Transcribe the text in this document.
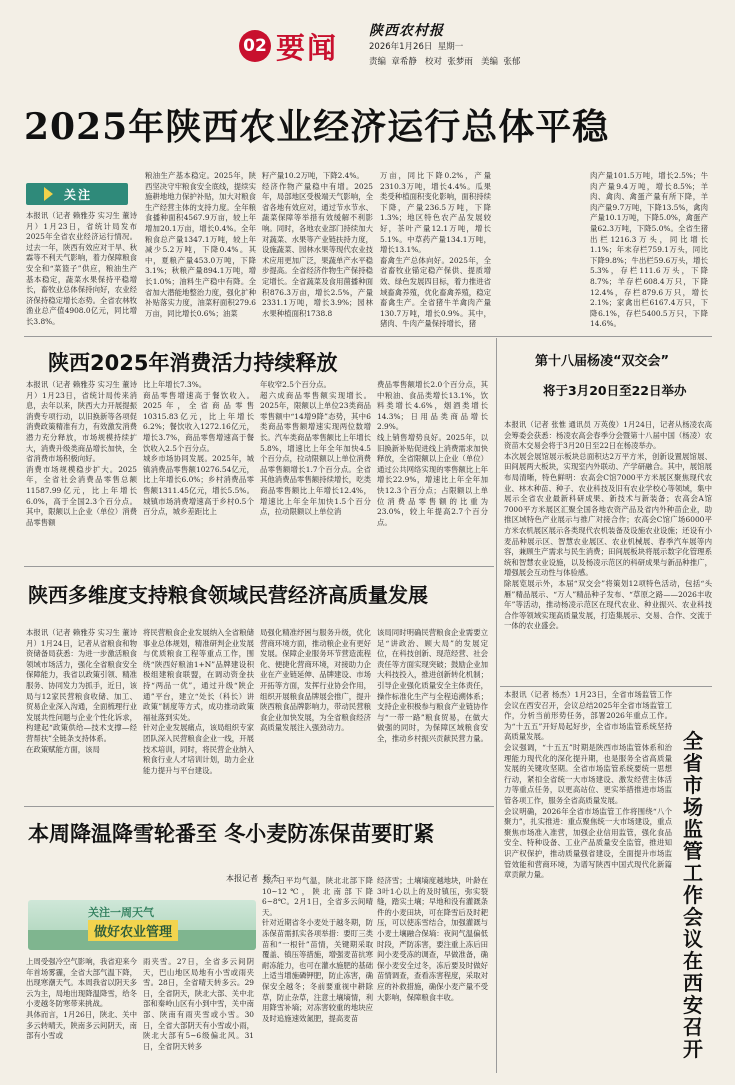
02 要闻 陕西农村报
2026年1月26日  星期一
责编  章希静   校对  张梦雨   美编  张郁
2025年陕西农业经济运行总体平稳
关注
本报讯（记者 赖雅芬 实习生 董诗月）1月23日，省统计局发布2025年全省农业经济运行情况。过去一年，陕西有效应对干旱、秋霖等不利天气影响，着力保障粮食安全和“菜篮子”供应，粮油生产基本稳定，蔬菜水果保持平稳增长，畜牧业总体保持向好，农业经济保持稳定增长态势。全省农林牧渔业总产值4908.0亿元，同比增长3.8%。
粮油生产基本稳定。2025年，陕西坚决守牢粮食安全底线，提续实施耕地地力保护补贴，加大对粮食生产经营主体的支持力度。全年粮食播种面积4567.9万亩，较上年增加20.1万亩，增长0.4%。全年粮食总产量1347.1万吨，较上年减少5.2万吨，下降0.4%。其中，夏粮产量453.0万吨，下降3.1%；秋粮产量894.1万吨，增长1.0%；油料生产稳中有降。全省加大潜能地整治力度，强化扩种补贴落实力度，油菜籽面积279.6万亩，同比增长0.6%；油菜
籽产量10.2万吨，下降2.4%。
经济作物产量稳中有增。2025年，局部地区受极端天气影响，全省各地有效应对，通过节水节水、蔬菜保障等举措有效缓解不利影响。同时，各地农业部门持续加大对蔬菜、水果等产业链扶持力度，设施蔬菜、园林水果等现代农业技术应用更加广泛，果蔬单产水平稳步提高。全省经济作物生产保持稳定增长。全省蔬菜及食用菌播种面积876.3万亩，增长2.5%，产量2331.1万吨，增长3.9%；园林水果种植面积1738.8
万亩，同比下降0.2%，产量2310.3万吨，增长4.4%。瓜果类受种植面积变化影响，面积持续下降，产量236.5万吨，下降1.3%；地区特色农产品发展较好，茶叶产量12.1万吨，增长5.1%。中草药产量134.1万吨，增长13.1%。
畜禽生产总体向好。2025年，全省畜牧业锚定稳产保供、提质增效、绿色发展四目标，着力推进省域畜禽养殖，优化畜禽养殖，稳定畜禽生产。全省猪牛羊禽肉产量130.7万吨，增长0.9%。其中，猪肉、牛肉产量保持增长，猪
肉产量101.5万吨，增长2.5%；牛肉产量9.4万吨，增长8.5%；羊肉、禽肉、禽蛋产量有所下降，羊肉产量9.7万吨，下降13.5%，禽肉产量10.1万吨，下降5.0%，禽蛋产量62.3万吨，下降5.0%。全省生猪出栏1216.3万头，同比增长1.1%；年末存栏759.1万头，同比下降9.8%；牛出栏59.6万头，增长5.3%，存栏111.6万头，下降8.7%；羊存栏608.4万只，下降12.4%，存栏879.6万只，增长2.1%；家禽出栏6167.4万只，下降6.1%，存栏5400.5万只，下降14.6%。
陕西2025年消费活力持续释放
本报讯（记者 赖雅芬 实习生 董诗月）1月23日，省统计局传来消息，去年以来，陕西大力开展提振消费专项行动，以旧换新等各项促消费政策精准有力，有效激发消费潜力充分释放，市场规模持续扩大，消费升级类商品增长加快，全省消费市场积极向好。
消费市场规模稳步扩大。2025年，全省社会消费品零售总额11587.99亿元，比上年增长6.0%，高于全国2.3个百分点。其中，限额以上企业（单位）消费品零售额
比上年增长7.3%。
商品零售增速高于餐饮收入。2025年，全省商品零售10315.83亿元，比上年增长6.2%；餐饮收入1272.16亿元，增长3.7%，商品零售增速高于餐饮收入2.5个百分点。
城乡市场协同发展。2025年，城镇消费品零售额10276.54亿元，比上年增长6.0%；乡村消费品零售额1311.45亿元，增长5.5%。城镇市场消费增速高于乡村0.5个百分点，城乡差距比上
年收窄2.5个百分点。
超六成商品零售额实现增长。2025年，限额以上单位23类商品零售额中“14增9降”态势，其中6类商品零售额增速实现两位数增长。汽车类商品零售额比上年增长5.8%，增速比上年全年加快4.5个百分点，拉动限额以上单位消费品零售额增长1.7个百分点。全省其他消费品零售额持续增长，吃类商品零售额比上年增长12.4%，增速比上年全年加快1.5个百分点，拉动限额以上单位消
费品零售额增长2.0个百分点，其中粮油、食品类增长13.1%，饮料类增长4.6%，烟酒类增长14.3%；日用品类商品增长2.9%。
线上销售增势良好。2025年，以旧换新补贴促进线上消费需求加快释放，全省限额以上企业（单位）通过公共网络实现的零售额比上年增长22.9%，增速比上年全年加快12.3个百分点；占限额以上单位消费品零售额的比重为23.0%，较上年提高2.7个百分点。
陕西多维度支持粮食领域民营经济高质量发展
本报讯（记者 赖雅芬 实习生 董诗月）1月24日，记者从省粮食和物资储备局获悉：为进一步激活粮食领域市场活力，强化全省粮食安全保障能力，我省以政策引领、精准服务、协同发力为抓手，近日，该局与12家民营粮食收储、加工、贸易企业深入沟通，全面梳理行业发展共性问题与企业个性化诉求，构建起“政策供给—技术支撑—经营帮扶”全链条支持体系。
在政策赋能方面，该局
将民营粮食企业发展纳入全省粮储事业总体规划，精准研判企业发展与优质粮食工程等重点工作，围绕“陕西好粮油1+N”品牌建设积极组建粮食联盟，在调动资金扶持“两品一优”，通过升级“陕企通”平台，建立“处长（科长）讲政策”制度等方式，成功推动政策福祉落到实处。
针对企业发展痛点，该局组织专家团队深入民营粮食企业一线，开展技术培训，同时，将民营企业纳入粮食行业人才培训计划，助力企业能力提升与平台建设。
局强化精准纾困与服务升级，优化营商环境方面，推动粮企业有更好发展。保障企业服务环节营造流程化、便捷化营商环境，对接助力企业在产业链延伸、品牌建设、市场开拓等方面，发挥行业协会作用，组织开展粮食品牌展会推广，提升陕西粮食品牌影响力，带动民营粮食企业加快发展，为全省粮食经济高质量发展注入强劲动力。
该局同时明确民营粮食企业需要立足“讲政治、顾大局”的发展定位，在科技创新、现范经营、社会责任等方面实现突破；鼓励企业加大科技投入，推进创新转化机制；引导企业强化质量安全主体责任，操作标准化生产与全程追溯体系；支持企业积极参与粮食产业链协作与“一带一路”粮食贸易，在做大做强的同时，为保障区域粮食安全，推动乡村振兴贡献民营力量。
本周降温降雪轮番至 冬小麦防冻保苗要盯紧
本报记者  杨杰
关注一周天气
做好农业管理
上周受强冷空气影响，我省迎来今年首场雾霾，全省大部气温下降，出现寒潮天气。本周我省以阴天多云为主，局地出现降温降雪，给冬小麦越冬防寒带来挑战。
具体而言，1月26日，陕北、关中多云转晴天，陕南多云间阴天，南部有小雪或
雨夹雪。27日，全省多云间阴天，巴山地区局地有小雪或雨夹雪。28日，全省晴天转多云。29日，全省阴天，陕北大部、关中北部和秦岭山区有小到中雪，关中南部、陕南有雨夹雪或小雪。30日，全省大部阴天有小雪或小雨，陕北大部有5~6级偏北风。31日，全省阴天转多
云。日平均气温，陕北北部下降10~12℃，陕北南部下降6~8℃。2月1日，全省多云间晴天。
针对近期省冬小麦处于越冬期，防冻保苗需抓实各项举措：要盯三类苗和“一根针”苗情，关键期采取覆盖、镇压等措施，增强麦苗抗寒耐冻能力，也可在灌水施肥的基础上适当增施磷钾肥，防止冻害，确保安全越冬；冬前要重视中耕除草，防止杂草，注意土壤墒情，利用降雪补墒；对冻害较重的地块应及时追施速效氮肥，提高麦苗
经济雪；土壤墒度越地块，叶龄在3叶1心以上的及时镇压，弥实裂缝，踏实土壤；早地和没有灌溉条件的小麦田块，可在降雪后及时耙压，可以使冻雪结合，加强灌溉与小麦土壤融合保墒：夜间气温偏低时段，严防冻害，要注重上冻后田间小麦受冻的调查，早做准备，确保小麦安全过冬，冻后要及时做好苗情调查，查看冻害程度，采取对应的补救措施，确保小麦产量不受大影响，保障粮食丰收。
第十八届杨凌“双交会”
将于3月20日至22日举办
本报讯（记者 张惟 通讯员 万英俊）1月24日，记者从杨凌农高会筹委会获悉：杨凌农高会春季分会暨第十八届中国（杨凌）农资苗木交易会将于3月20日至22日在杨凌举办。
本次展会展馆展示板块总面积达2万平方米，创新设置展馆展、田间展两大板块，实现室内外联动、产学研融合。其中，展馆展布局清晰，特色鲜明：农高会C馆7000平方米展区聚焦现代农业、林木种苗、种子、农业科技及旧有农业学校心等领域，集中展示全省农业最新科研成果、新技术与新装备；农高会A馆7000平方米展区汇聚全国各地农资产品及省内外种苗企业，助推区域特色产业展示与推广对接合作；农高会C馆广场6000平方米农机展区展示各类现代农机装备及设施农业设施；还设有小麦品种展示区、智慧农业展区、农业机械展、春季汽车展等内容，兼顾生产需求与民生消费；田间展板块将展示数字化管理系统和智慧农业设施，以及杨凌示范区的科研成果与新品种推广，增强展会互动性与体验感。
除展览展示外，本届“双交会”将策划12项特色活动，包括“头雁”精品展示、“万人”精品种子发布、“草原之路——2026丰收年”等活动，推动杨凌示范区在现代农业、种业振兴、农业科技合作等领域实现高质量发展，打造集展示、交易、合作、交流于一体的农业盛会。
本报讯（记者 杨杰）1月23日，全省市场监管工作会议在西安召开，会议总结2025年全省市场监管工作，分析当前形势任务，部署2026年重点工作。为“十五五”开好局起好步，全省市场监管系统坚持高质量发展。
会议强调，“十五五”时期是陕西市场监管体系和治理能力现代化的深化提升期，也是服务全省高质量发展的关键攻坚期。全省市场监管系统要统一思想行动，紧扣全省统一大市场建设、激发经营主体活力等重点任务，以更高站位、更实举措推进市场监管各项工作，服务全省高质量发展。
会议明确，2026年全省市场监管工作将围绕“八个聚力”，扎实推进：重点聚焦统一大市场建设，重点聚焦市场准入准营，加强企业信用监管，强化食品安全、特种设备、工业产品质量安全监管，推进知识产权保护，推动质量强省建设，全面提升市场监管效能和营商环境，为谱写陕西中国式现代化新篇章贡献力量。
全省市场监管工作会议在西安召开
